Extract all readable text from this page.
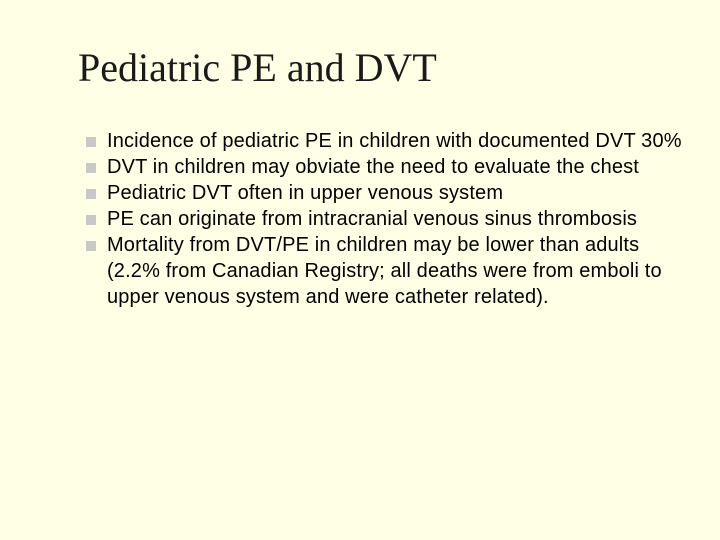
Pediatric PE and DVT
Incidence of pediatric PE in children with documented DVT 30%
DVT in children may obviate the need to evaluate the chest
Pediatric DVT often in upper venous system
PE can originate from intracranial venous sinus thrombosis
Mortality from DVT/PE in children may be lower than adults (2.2% from Canadian Registry; all deaths were from emboli to upper venous system and were catheter related).
